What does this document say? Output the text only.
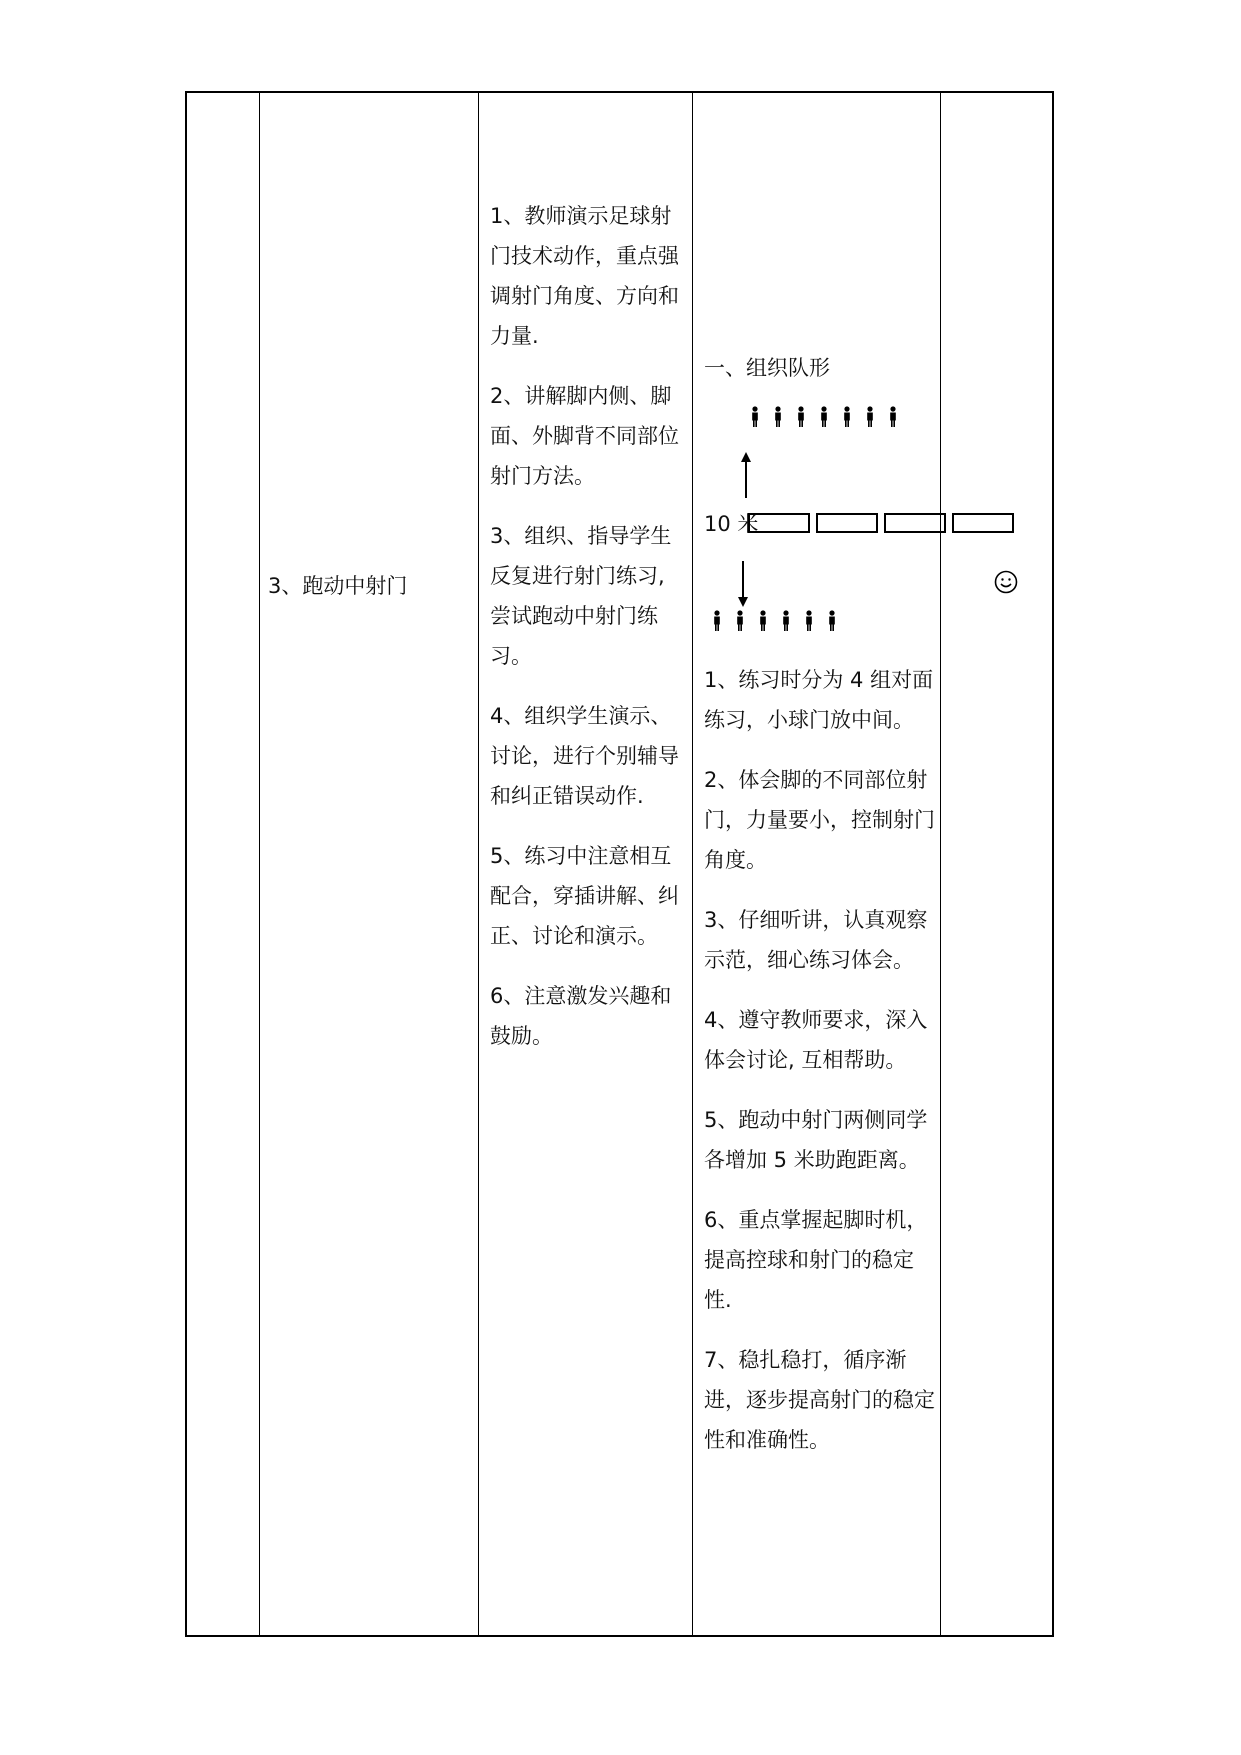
3、跑动中射门

1、教师演示足球射门技术动作，重点强调射门角度、方向和力量.

2、讲解脚内侧、脚面、外脚背不同部位射门方法。

3、组织、指导学生反复进行射门练习, 尝试跑动中射门练习。

4、组织学生演示、讨论，进行个别辅导和纠正错误动作.

5、练习中注意相互配合，穿插讲解、纠正、讨论和演示。

6、注意激发兴趣和鼓励。

一、组织队形
10 米

1、练习时分为 4 组对面练习，小球门放中间。

2、体会脚的不同部位射门，力量要小，控制射门角度。

3、仔细听讲，认真观察示范，细心练习体会。

4、遵守教师要求，深入体会讨论, 互相帮助。

5、跑动中射门两侧同学各增加 5 米助跑距离。

6、重点掌握起脚时机，提高控球和射门的稳定性.

7、稳扎稳打，循序渐进，逐步提高射门的稳定性和准确性。
